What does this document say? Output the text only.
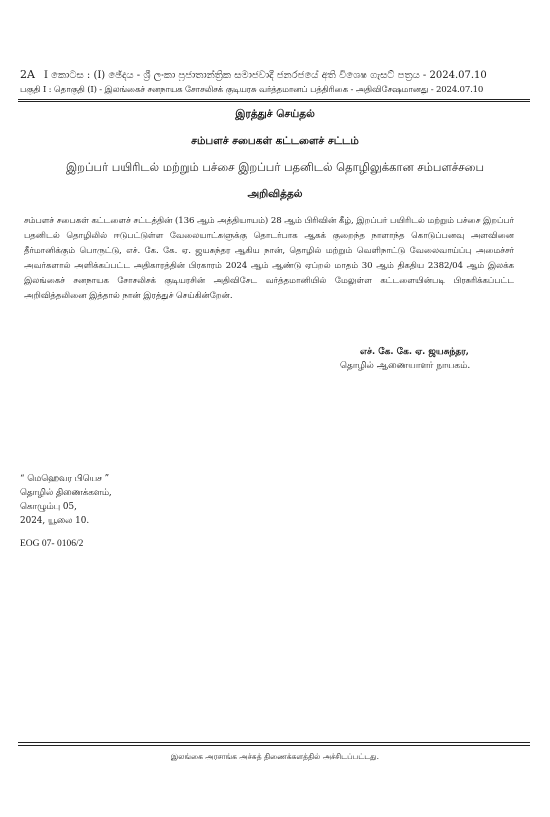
2A I කොටස : (I) ඡේදය - ශ්‍රී ලංකා ප්‍රජාතාන්ත්‍රික සමාජවාදී ජනරජයේ අති විශෙෂ ගැසට් පත්‍රය - 2024.07.10
பகுதி I : தொகுதி (I) - இலங்கைச் சனநாயக சோசலிசக் குடியரசு வர்த்தமானப் பத்திரிகை - அதிவிசேஷமானது - 2024.07.10
இரத்துச் செய்தல்
சம்பளச் சபைகள் கட்டளைச் சட்டம்
இறப்பர் பயிரிடல் மற்றும் பச்சை இறப்பர் பதனிடல் தொழிலுக்கான சம்பளச்சபை
அறிவித்தல்
சம்பளச் சபைகள் கட்டளைச் சட்டத்தின் (136 ஆம் அத்தியாயம்) 28 ஆம் பிரிவின் கீழ், இறப்பர் பயிரிடல் மற்றும் பச்சை இறப்பர் பதனிடல் தொழிலில் ஈடுபட்டுள்ள வேலையாட்களுக்கு தொடர்பாக ஆகக் குறைந்த நாளாந்த கொடுப்பனவு அளவினை தீர்மானிக்கும் பொருட்டு, எச். கே. கே. ஏ. ஜயசுந்தர ஆகிய நான், தொழில் மற்றும் வெளிநாட்டு வேலைவாய்ப்பு அமைச்சர் அவர்களால் அளிக்கப்பட்ட அதிகாரத்தின் பிரகாரம் 2024 ஆம் ஆண்டு ஏப்றல் மாதம் 30 ஆம் திகதிய 2382/04 ஆம் இலக்க இலங்கைச் சனநாயக சோசலிசக் குடியரசின் அதிவிசேட வர்த்தமானியில் மேலுள்ள கட்டளையின்படி பிரசுரிக்கப்பட்ட அறிவித்தலினை இத்தால் நான் இரத்துச் செய்கின்றேன்.
எச். கே. கே. ஏ. ஜயசுந்தர,
தொழில் ஆணையாளர் நாயகம்.
“ மெஹெவர பியெச ”
தொழில் திணைக்களம்,
கொழும்பு 05,
2024, யூலை 10.
EOG 07- 0106/2
இலங்கை அரசாங்க அச்சுத் திணைக்களத்தில் அச்சிடப்பட்டது.
